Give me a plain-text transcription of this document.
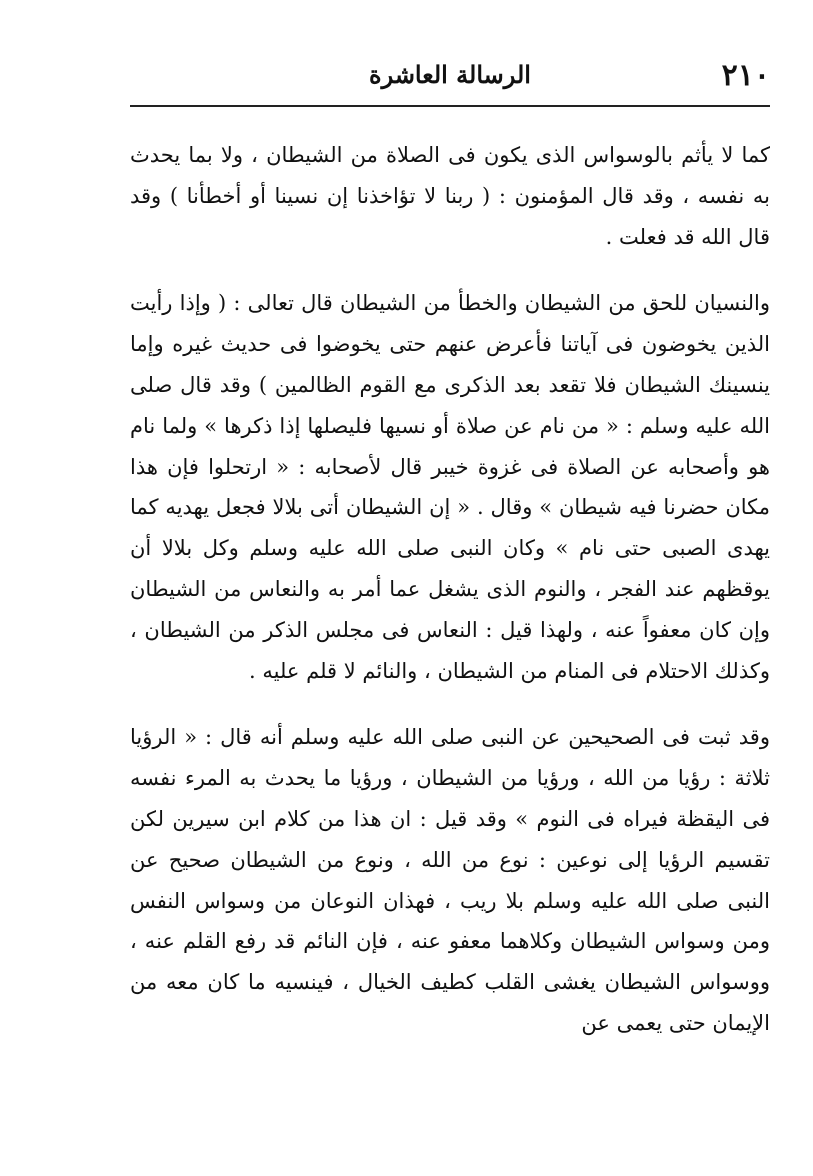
٢١٠
الرسالة العاشرة

كما لا يأثم بالوسواس الذى يكون فى الصلاة من الشيطان ، ولا بما يحدث به نفسه ، وقد قال المؤمنون : ( ربنا لا تؤاخذنا إن نسينا أو أخطأنا ) وقد قال الله قد فعلت .

والنسيان للحق من الشيطان والخطأ من الشيطان قال تعالى : ( وإذا رأيت الذين يخوضون فى آياتنا فأعرض عنهم حتى يخوضوا فى حديث غيره وإما ينسينك الشيطان فلا تقعد بعد الذكرى مع القوم الظالمين ) وقد قال صلى الله عليه وسلم : « من نام عن صلاة أو نسيها فليصلها إذا ذكرها » ولما نام هو وأصحابه عن الصلاة فى غزوة خيبر قال لأصحابه : « ارتحلوا فإن هذا مكان حضرنا فيه شيطان » وقال . « إن الشيطان أتى بلالا فجعل يهديه كما يهدى الصبى حتى نام » وكان النبى صلى الله عليه وسلم وكل بلالا أن يوقظهم عند الفجر ، والنوم الذى يشغل عما أمر به والنعاس من الشيطان وإن كان معفواً عنه ، ولهذا قيل : النعاس فى مجلس الذكر من الشيطان ، وكذلك الاحتلام فى المنام من الشيطان ، والنائم لا قلم عليه .

وقد ثبت فى الصحيحين عن النبى صلى الله عليه وسلم أنه قال : « الرؤيا ثلاثة : رؤيا من الله ، ورؤيا من الشيطان ، ورؤيا ما يحدث به المرء نفسه فى اليقظة فيراه فى النوم » وقد قيل : ان هذا من كلام ابن سيرين لكن تقسيم الرؤيا إلى نوعين : نوع من الله ، ونوع من الشيطان صحيح عن النبى صلى الله عليه وسلم بلا ريب ، فهذان النوعان من وسواس النفس ومن وسواس الشيطان وكلاهما معفو عنه ، فإن النائم قد رفع القلم عنه ، ووسواس الشيطان يغشى القلب كطيف الخيال ، فينسيه ما كان معه من الإيمان حتى يعمى عن
